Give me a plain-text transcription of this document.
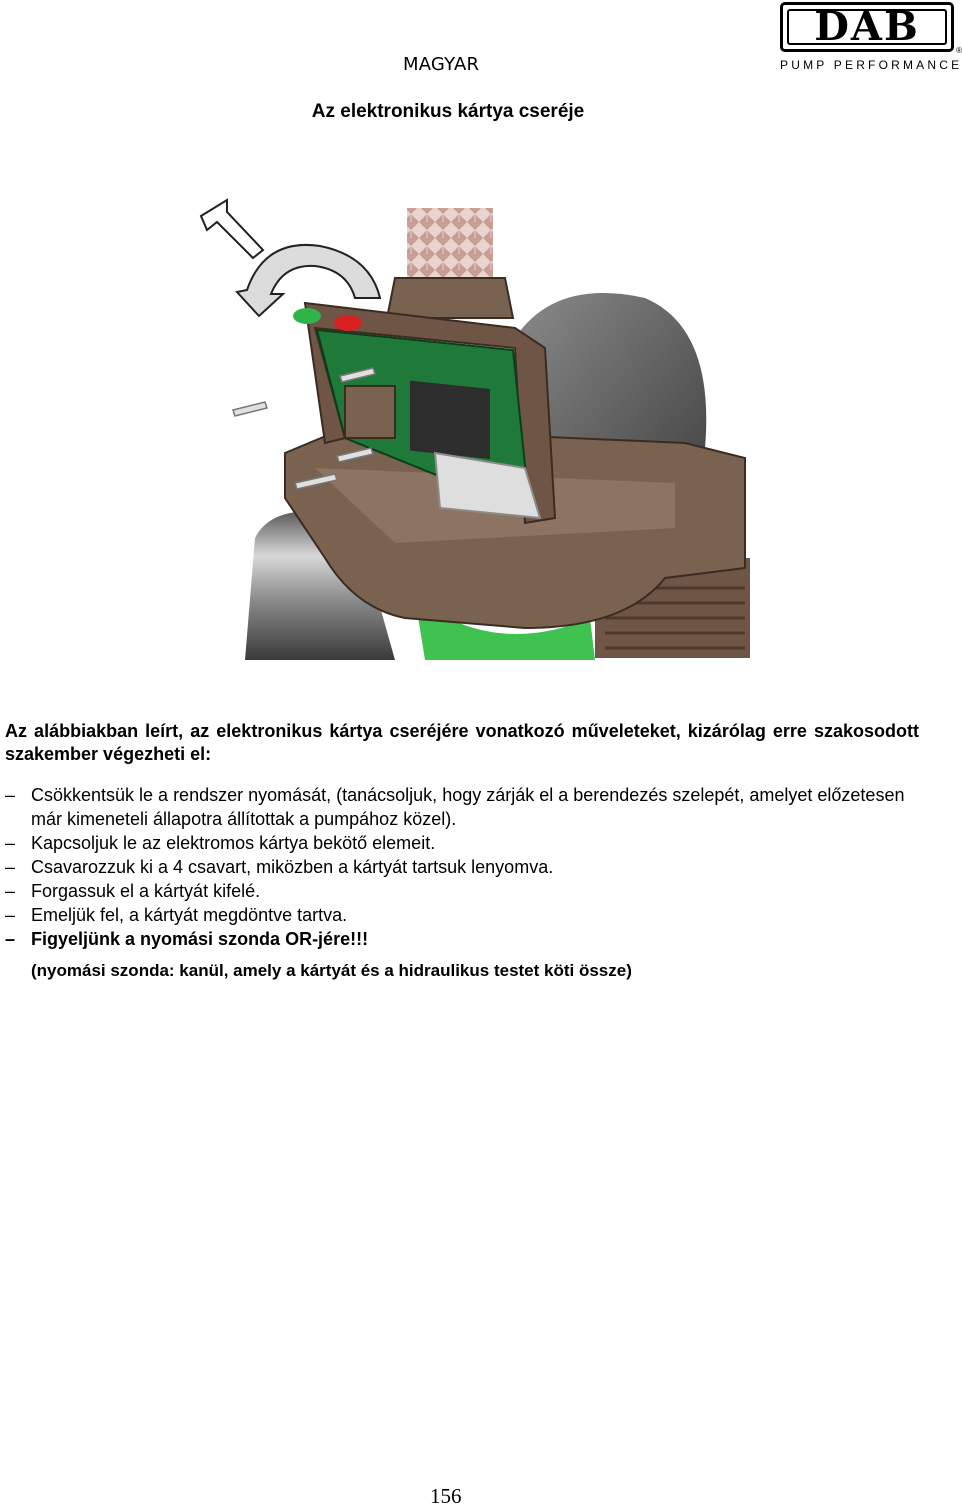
MAGYAR
DAB
®
PUMP PERFORMANCE
Az elektronikus kártya cseréje
Az alábbiakban leírt, az elektronikus kártya cseréjére vonatkozó műveleteket, kizárólag erre szakosodott szakember végezheti el:
– Csökkentsük le a rendszer nyomását, (tanácsoljuk, hogy zárják el a berendezés szelepét, amelyet előzetesen már kimeneteli állapotra állítottak a pumpához közel).
– Kapcsoljuk le az elektromos kártya bekötő elemeit.
– Csavarozzuk ki a 4 csavart, miközben a kártyát tartsuk lenyomva.
– Forgassuk el a kártyát kifelé.
– Emeljük fel, a kártyát megdöntve tartva.
– Figyeljünk a nyomási szonda OR-jére!!!
(nyomási szonda: kanül, amely a kártyát és a hidraulikus testet köti össze)
156
